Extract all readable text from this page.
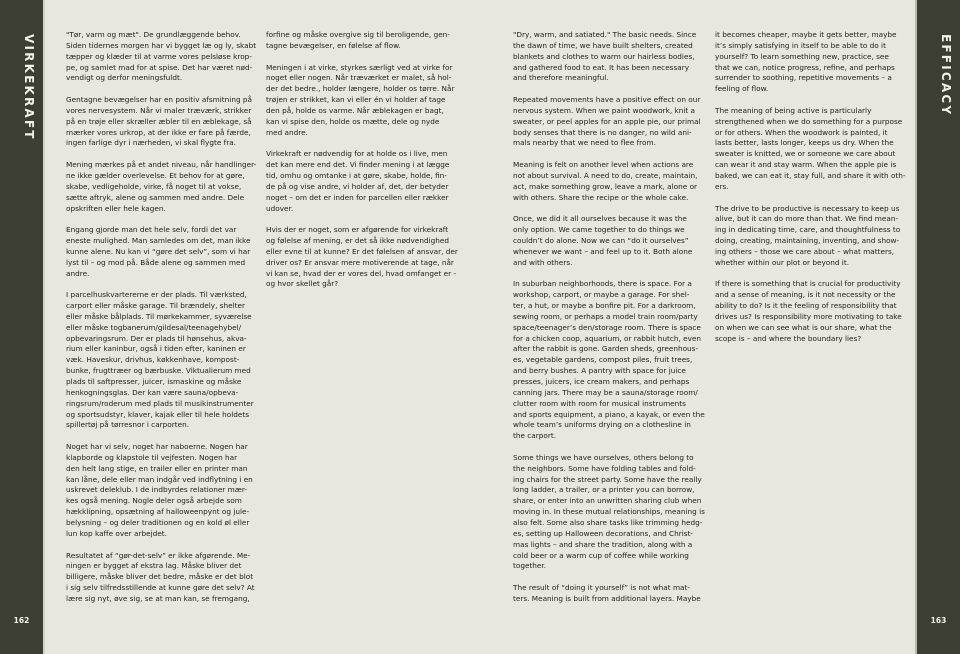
VIRKEKRAFT
162

"Tør, varm og mæt". De grundlæggende behov.
Siden tidernes morgen har vi bygget læ og ly, skabt
tæpper og klæder til at varme vores pelsløse krop-
pe, og samlet mad for at spise. Det har været nød-
vendigt og derfor meningsfuldt.

Gentagne bevægelser har en positiv afsmitning på
vores nervesystem. Når vi maler træværk, strikker
på en trøje eller skræller æbler til en æblekage, så
mærker vores urkrop, at der ikke er fare på færde,
ingen farlige dyr i nærheden, vi skal flygte fra.

Mening mærkes på et andet niveau, når handlinger-
ne ikke gælder overlevelse. Et behov for at gøre,
skabe, vedligeholde, virke, få noget til at vokse,
sætte aftryk, alene og sammen med andre. Dele
opskriften eller hele kagen.

Engang gjorde man det hele selv, fordi det var
eneste mulighed. Man samledes om det, man ikke
kunne alene. Nu kan vi “gøre det selv”, som vi har
lyst til – og mod på. Både alene og sammen med
andre.

I parcelhuskvartererne er der plads. Til værksted,
carport eller måske garage. Til brændely, shelter
eller måske bålplads. Til mørkekammer, syværelse
eller måske togbanerum/gildesal/teenagehybel/
opbevaringsrum. Der er plads til hønsehus, akva-
rium eller kaninbur, også i tiden efter, kaninen er
væk. Haveskur, drivhus, køkkenhave, kompost-
bunke, frugttræer og bærbuske. Viktualierum med
plads til saftpresser, juicer, ismaskine og måske
henkogningsglas. Der kan være sauna/opbeva-
ringsrum/roderum med plads til musikinstrumenter
og sportsudstyr, klaver, kajak eller til hele holdets
spillertøj på tørresnor i carporten.

Noget har vi selv, noget har naboerne. Nogen har
klapborde og klapstole til vejfesten. Nogen har
den helt lang stige, en trailer eller en printer man
kan låne, dele eller man indgår ved indflytning i en
uskrevet deleklub. I de indbyrdes relationer mær-
kes også mening. Nogle deler også arbejde som
hækklipning, opsætning af halloweenpynt og jule-
belysning – og deler traditionen og en kold øl eller
lun kop kaffe over arbejdet.

Resultatet af “gør-det-selv” er ikke afgørende. Me-
ningen er bygget af ekstra lag. Måske bliver det
billigere, måske bliver det bedre, måske er det blot
i sig selv tilfredsstillende at kunne gøre det selv? At
lære sig nyt, øve sig, se at man kan, se fremgang,

forfine og måske overgive sig til beroligende, gen-
tagne bevægelser, en følelse af flow.

Meningen i at virke, styrkes særligt ved at virke for
noget eller nogen. Når træværket er malet, så hol-
der det bedre., holder længere, holder os tørre. Når
trøjen er strikket, kan vi eller én vi holder af tage
den på, holde os varme. Når æblekagen er bagt,
kan vi spise den, holde os mætte, dele og nyde
med andre.

Virkekraft er nødvendig for at holde os i live, men
det kan mere end det. Vi finder mening i at lægge
tid, omhu og omtanke i at gøre, skabe, holde, fin-
de på og vise andre, vi holder af, det, der betyder
noget – om det er inden for parcellen eller rækker
udover.

Hvis der er noget, som er afgørende for virkekraft
og følelse af mening, er det så ikke nødvendighed
eller evne til at kunne? Er det følelsen af ansvar, der
driver os? Er ansvar mere motiverende at tage, når
vi kan se, hvad der er vores del, hvad omfanget er -
og hvor skellet går?

"Dry, warm, and satiated." The basic needs. Since
the dawn of time, we have built shelters, created
blankets and clothes to warm our hairless bodies,
and gathered food to eat. It has been necessary
and therefore meaningful.

Repeated movements have a positive effect on our
nervous system. When we paint woodwork, knit a
sweater, or peel apples for an apple pie, our primal
body senses that there is no danger, no wild ani-
mals nearby that we need to flee from.

Meaning is felt on another level when actions are
not about survival. A need to do, create, maintain,
act, make something grow, leave a mark, alone or
with others. Share the recipe or the whole cake.

Once, we did it all ourselves because it was the
only option. We came together to do things we
couldn’t do alone. Now we can “do it ourselves”
whenever we want – and feel up to it. Both alone
and with others.

In suburban neighborhoods, there is space. For a
workshop, carport, or maybe a garage. For shel-
ter, a hut, or maybe a bonfire pit. For a darkroom,
sewing room, or perhaps a model train room/party
space/teenager’s den/storage room. There is space
for a chicken coop, aquarium, or rabbit hutch, even
after the rabbit is gone. Garden sheds, greenhous-
es, vegetable gardens, compost piles, fruit trees,
and berry bushes. A pantry with space for juice
presses, juicers, ice cream makers, and perhaps
canning jars. There may be a sauna/storage room/
clutter room with room for musical instruments
and sports equipment, a piano, a kayak, or even the
whole team’s uniforms drying on a clothesline in
the carport.

Some things we have ourselves, others belong to
the neighbors. Some have folding tables and fold-
ing chairs for the street party. Some have the really
long ladder, a trailer, or a printer you can borrow,
share, or enter into an unwritten sharing club when
moving in. In these mutual relationships, meaning is
also felt. Some also share tasks like trimming hedg-
es, setting up Halloween decorations, and Christ-
mas lights – and share the tradition, along with a
cold beer or a warm cup of coffee while working
together.

The result of “doing it yourself” is not what mat-
ters. Meaning is built from additional layers. Maybe

it becomes cheaper, maybe it gets better, maybe
it’s simply satisfying in itself to be able to do it
yourself? To learn something new, practice, see
that we can, notice progress, refine, and perhaps
surrender to soothing, repetitive movements – a
feeling of flow.

The meaning of being active is particularly
strengthened when we do something for a purpose
or for others. When the woodwork is painted, it
lasts better, lasts longer, keeps us dry. When the
sweater is knitted, we or someone we care about
can wear it and stay warm. When the apple pie is
baked, we can eat it, stay full, and share it with oth-
ers.

The drive to be productive is necessary to keep us
alive, but it can do more than that. We find mean-
ing in dedicating time, care, and thoughtfulness to
doing, creating, maintaining, inventing, and show-
ing others – those we care about – what matters,
whether within our plot or beyond it.

If there is something that is crucial for productivity
and a sense of meaning, is it not necessity or the
ability to do? Is it the feeling of responsibility that
drives us? Is responsibility more motivating to take
on when we can see what is our share, what the
scope is – and where the boundary lies?

EFFICACY
163
